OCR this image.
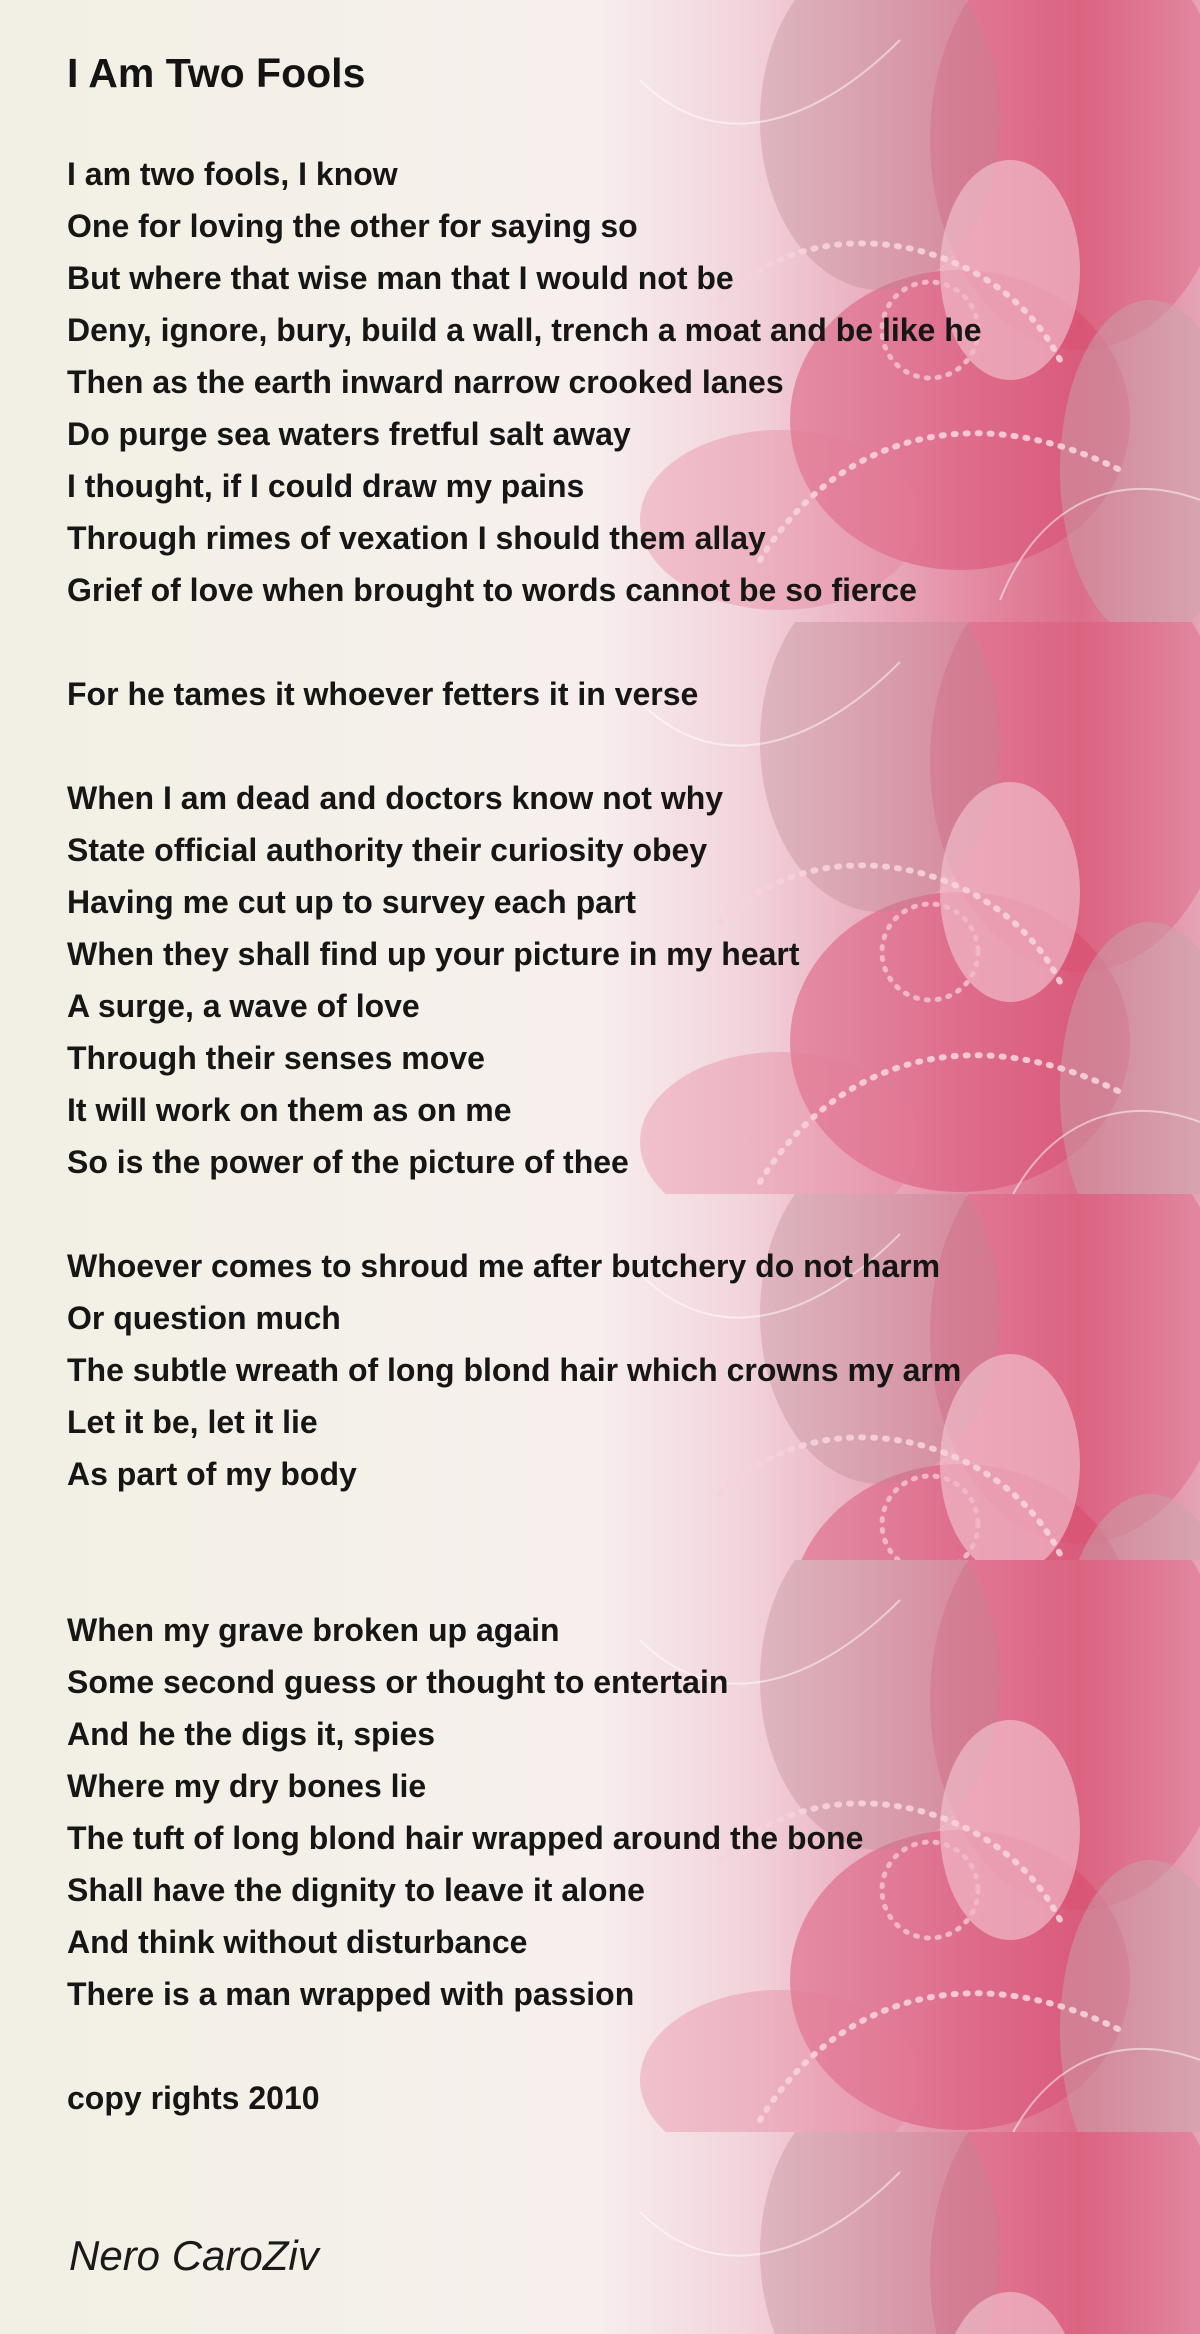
I Am Two Fools
I am two fools, I know
One for loving the other for saying so
But where that wise man that I would not be
Deny, ignore, bury, build a wall, trench a moat and be like he
Then as the earth inward narrow crooked lanes
Do purge sea waters fretful salt away
I thought, if I could draw my pains
Through rimes of vexation I should them allay
Grief of love when brought to words cannot be so fierce
For he tames it whoever fetters it in verse
When I am dead and doctors know not why
State official authority their curiosity obey
Having me cut up to survey each part
When they shall find up your picture in my heart
A surge, a wave of love
Through their senses move
It will work on them as on me
So is the power of the picture of thee
Whoever comes to shroud me after butchery do not harm
Or question much
The subtle wreath of long blond hair which crowns my arm
Let it be, let it lie
As part of my body
When my grave broken up again
Some second guess or thought to entertain
And he the digs it, spies
Where my dry bones lie
The tuft of long blond hair wrapped around the bone
Shall have the dignity to leave it alone
And think without disturbance
There is a man wrapped with passion
copy rights 2010
Nero CaroZiv
